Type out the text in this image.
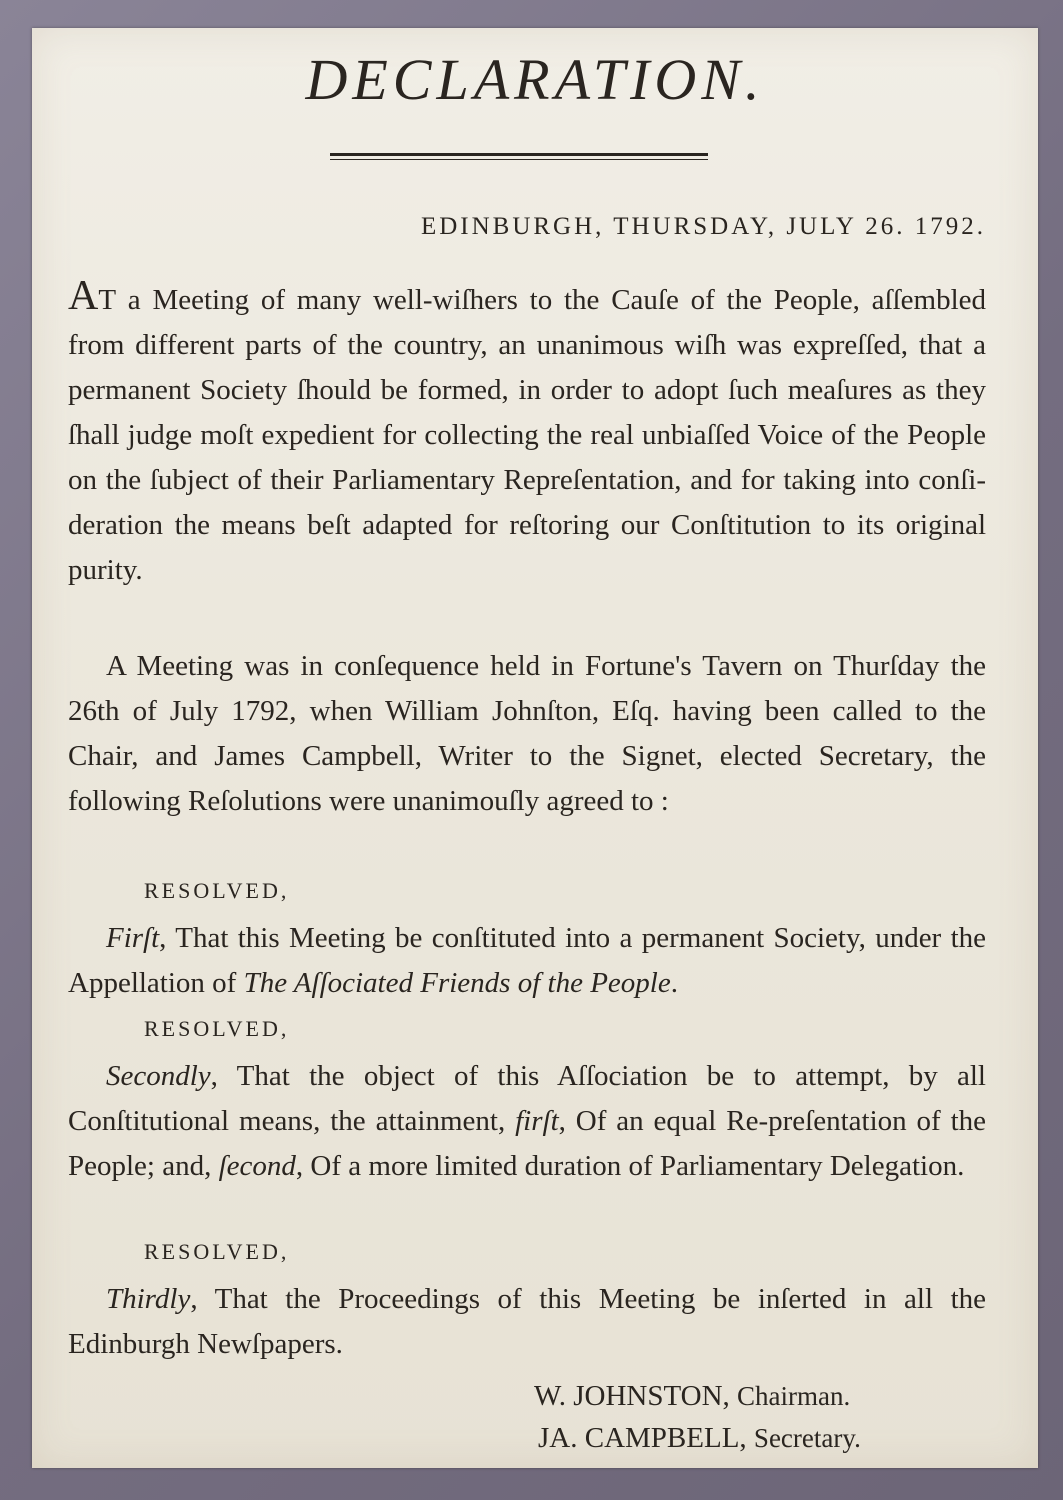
DECLARATION.
EDINBURGH, THURSDAY, JULY 26. 1792.

At a Meeting of many well-wiſhers to the Cauſe of the People, aſſembled from different parts of the country, an unanimous wiſh was expreſſed, that a permanent Society ſhould be formed, in order to adopt ſuch meaſures as they ſhall judge moſt expedient for collecting the real unbiaſſed Voice of the People on the ſubject of their Parliamentary Repreſentation, and for taking into conſi-deration the means beſt adapted for reſtoring our Conſtitution to its original purity.

A Meeting was in conſequence held in Fortune's Tavern on Thurſday the 26th of July 1792, when William Johnſton, Eſq. having been called to the Chair, and James Campbell, Writer to the Signet, elected Secretary, the following Reſolutions were unanimouſly agreed to :

RESOLVED,

Firſt, That this Meeting be conſtituted into a permanent Society, under the Appellation of The Aſſociated Friends of the People.

RESOLVED,

Secondly, That the object of this Aſſociation be to attempt, by all Conſtitutional means, the attainment, firſt, Of an equal Re-preſentation of the People; and, ſecond, Of a more limited duration of Parliamentary Delegation.

RESOLVED,

Thirdly, That the Proceedings of this Meeting be inſerted in all the Edinburgh Newſpapers.

W. JOHNSTON, Chairman.
JA. CAMPBELL, Secretary.
